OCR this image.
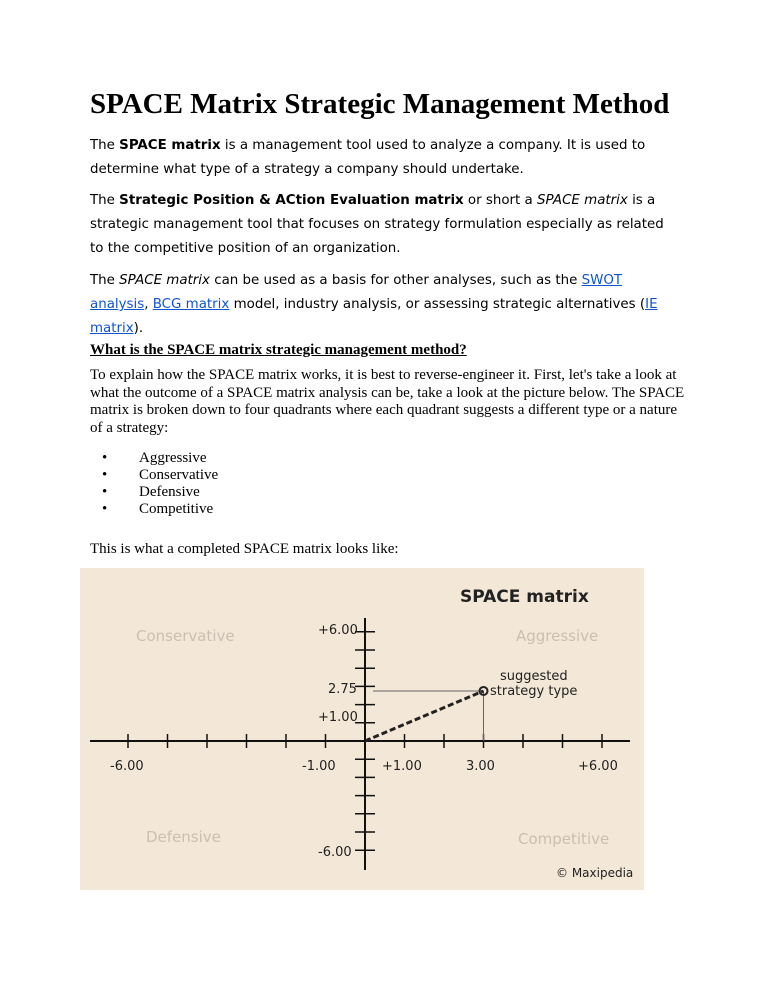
SPACE Matrix Strategic Management Method

The SPACE matrix is a management tool used to analyze a company. It is used to determine what type of a strategy a company should undertake.

The Strategic Position & ACtion Evaluation matrix or short a SPACE matrix is a strategic management tool that focuses on strategy formulation especially as related to the competitive position of an organization.

The SPACE matrix can be used as a basis for other analyses, such as the SWOT analysis, BCG matrix model, industry analysis, or assessing strategic alternatives (IE matrix).

What is the SPACE matrix strategic management method?

To explain how the SPACE matrix works, it is best to reverse-engineer it. First, let's take a look at what the outcome of a SPACE matrix analysis can be, take a look at the picture below. The SPACE matrix is broken down to four quadrants where each quadrant suggests a different type or a nature of a strategy:

• Aggressive
• Conservative
• Defensive
• Competitive

This is what a completed SPACE matrix looks like:

SPACE matrix
Conservative	Aggressive
Defensive	Competitive
+6.00
2.75
+1.00
-6.00
-6.00	-1.00	+1.00	3.00	+6.00
suggested
strategy type
© Maxipedia
